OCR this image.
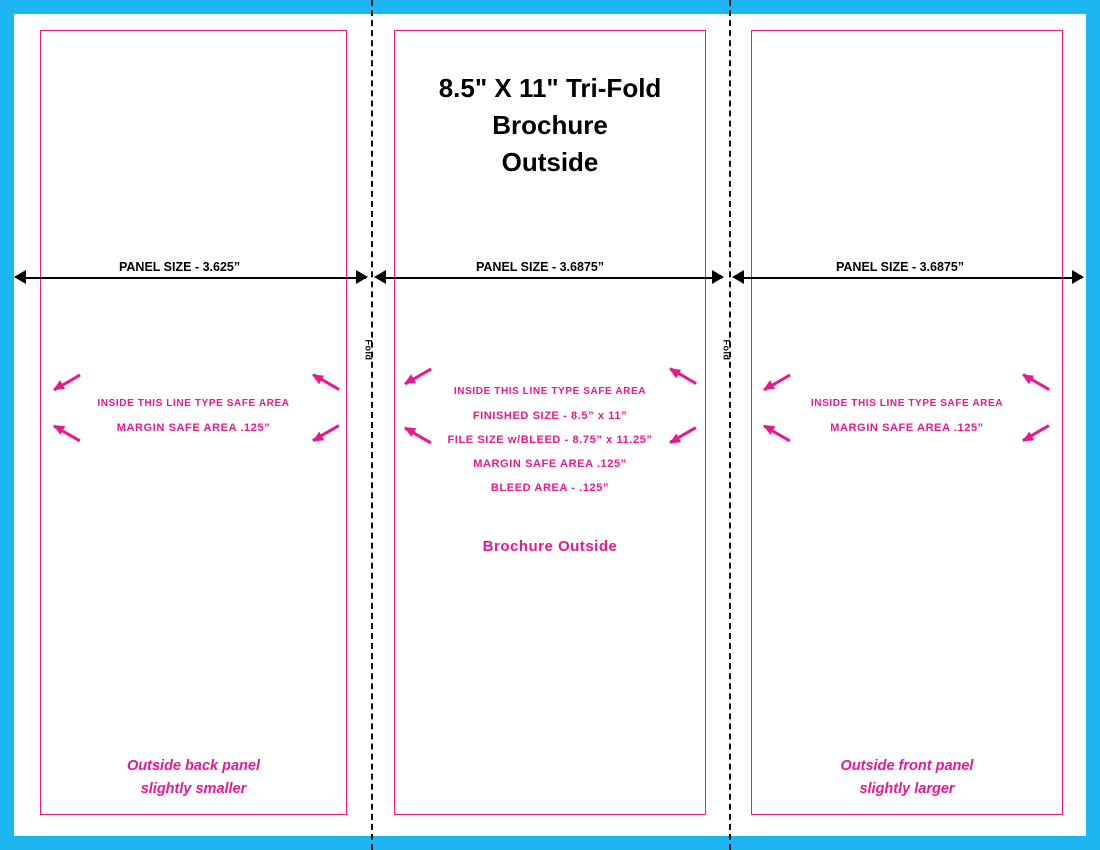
BLEED AREA - .125
BLEED AREA - .125
BLEED AREA - .125	BLEED AREA - .125
Fold	Fold
PANEL SIZE - 3.625”	PANEL SIZE - 3.6875”	PANEL SIZE - 3.6875”
8.5" X 11" Tri-Fold
Brochure
Outside
INSIDE THIS LINE TYPE SAFE AREA
MARGIN SAFE AREA .125”
INSIDE THIS LINE TYPE SAFE AREA
FINISHED SIZE - 8.5” x 11”
FILE SIZE w/BLEED - 8.75” x 11.25”
MARGIN SAFE AREA .125”
BLEED AREA - .125”
Brochure Outside
INSIDE THIS LINE TYPE SAFE AREA
MARGIN SAFE AREA .125”
Outside back panel
slightly smaller
Outside front panel
slightly larger
